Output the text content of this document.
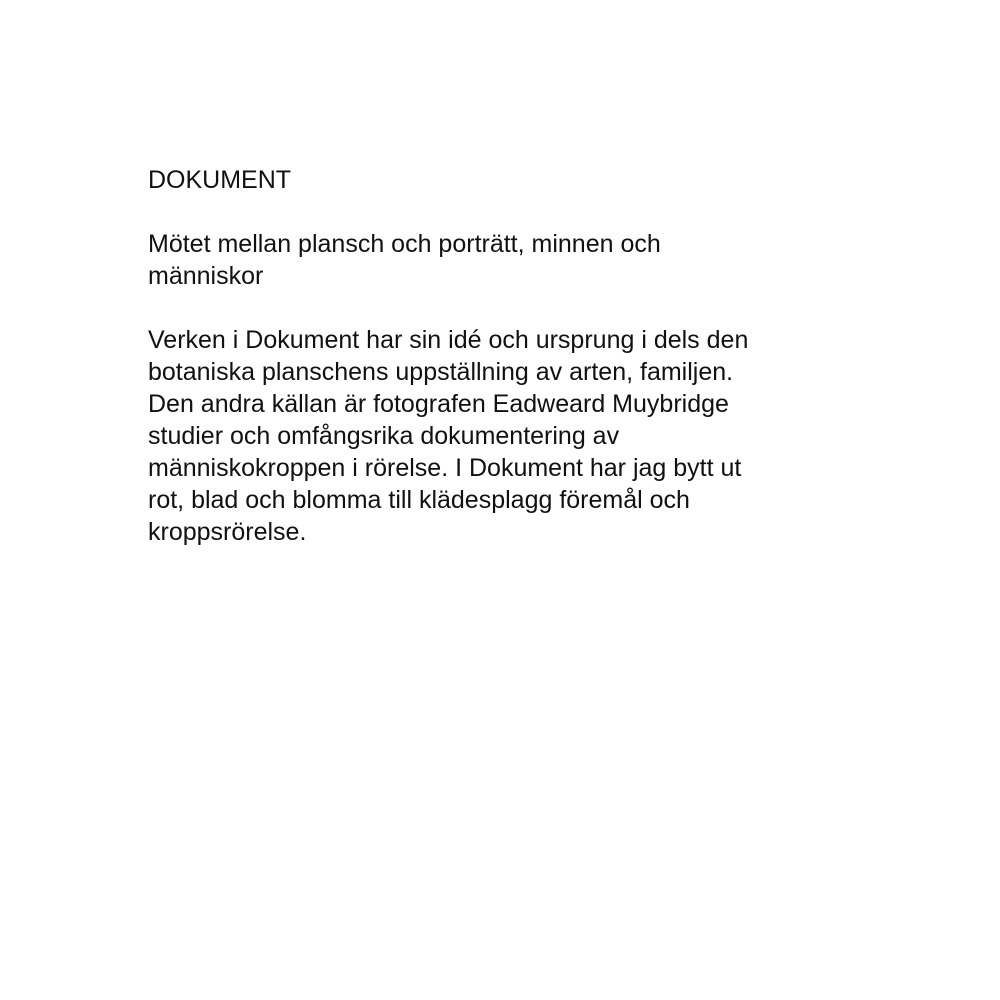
DOKUMENT

Mötet mellan plansch och porträtt, minnen och
människor

Verken i Dokument har sin idé och ursprung i dels den
botaniska planschens uppställning av arten, familjen.
Den andra källan är fotografen Eadweard Muybridge
studier och omfångsrika dokumentering av
människokroppen i rörelse. I Dokument har jag bytt ut
rot, blad och blomma till klädesplagg föremål och
kroppsrörelse.
